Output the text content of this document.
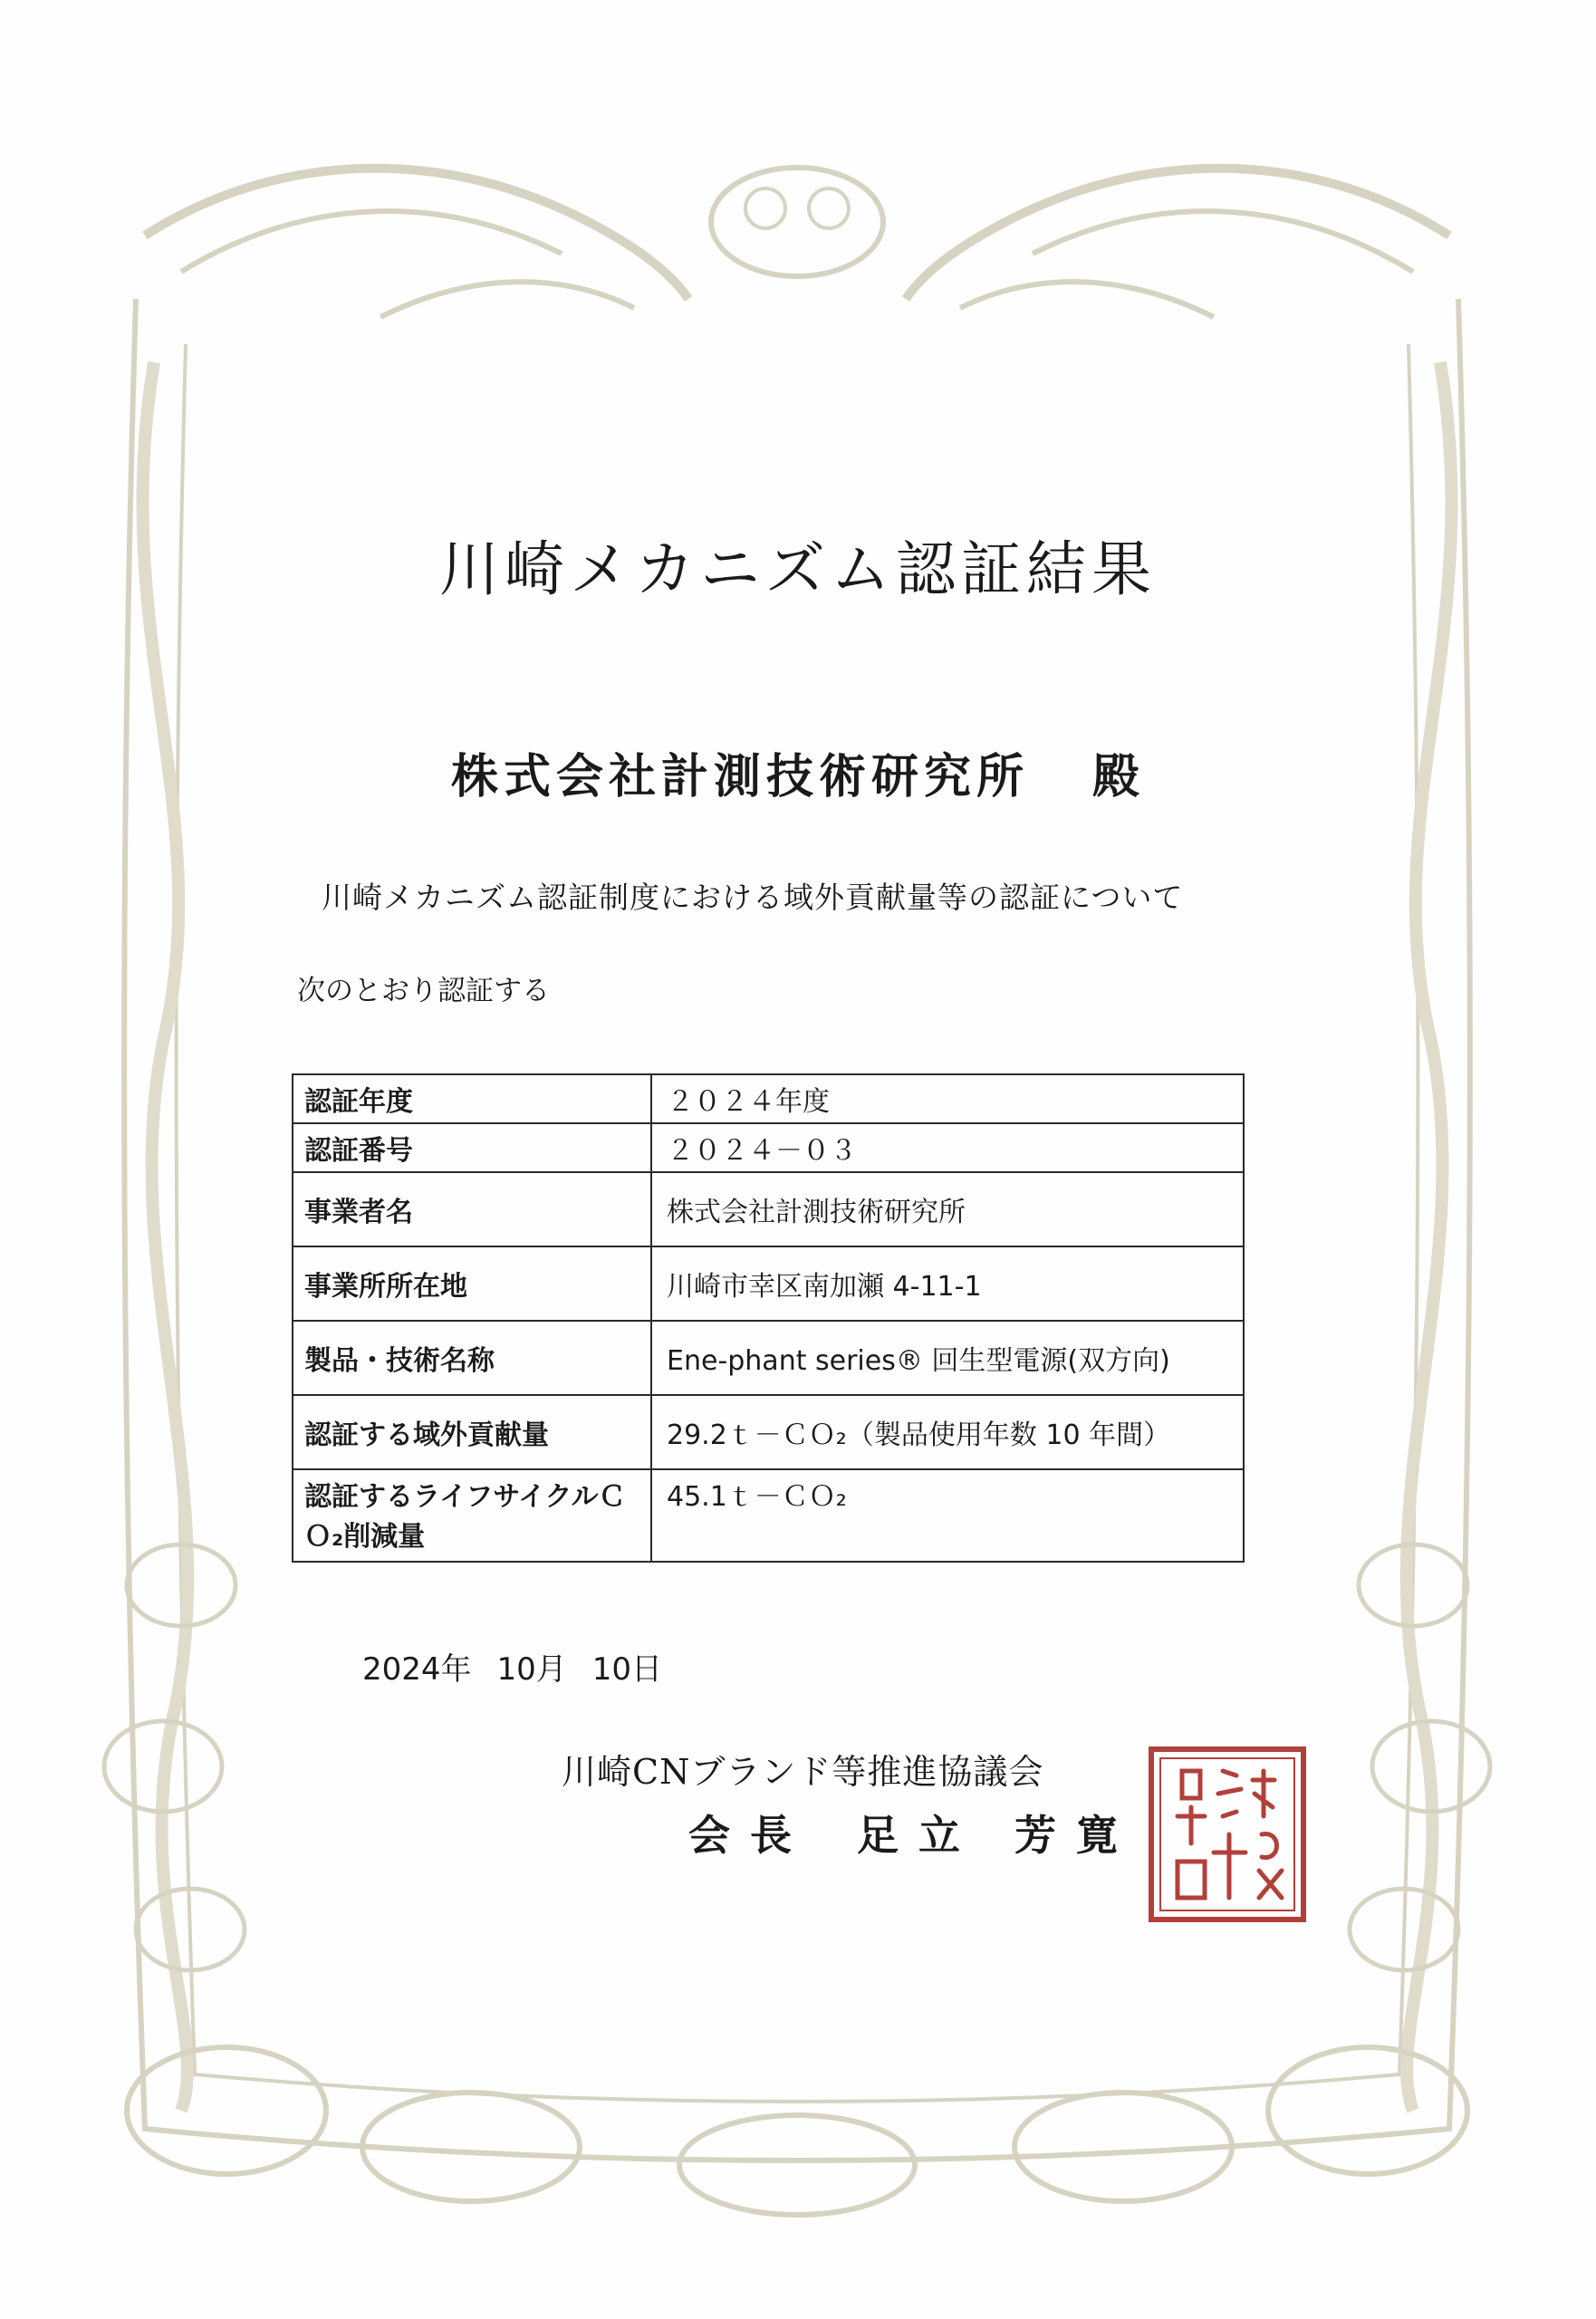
川崎メカニズム認証結果
株式会社計測技術研究所 殿
川崎メカニズム認証制度における域外貢献量等の認証について
次のとおり認証する
認証年度	２０２４年度
認証番号	２０２４－０３
事業者名	株式会社計測技術研究所
事業所所在地	川崎市幸区南加瀬 4-11-1
製品・技術名称	Ene-phant series® 回生型電源(双方向)
認証する域外貢献量	29.2ｔ－ＣＯ₂（製品使用年数 10 年間）
認証するライフサイクルＣＯ₂削減量	45.1ｔ－ＣＯ₂
2024年 10月 10日
川崎CNブランド等推進協議会
会長 足立 芳寛
